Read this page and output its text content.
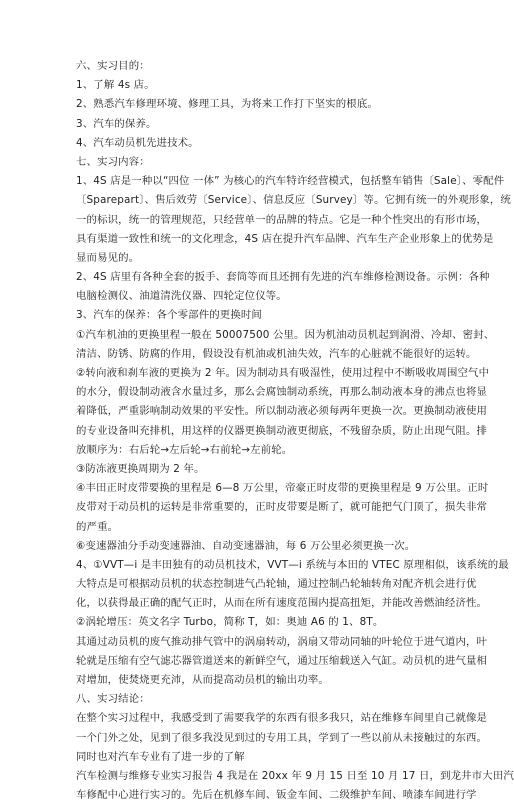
六、实习目的：
1、了解 4s 店。
2、熟悉汽车修理环境、修理工具，为将来工作打下坚实的根底。
3、汽车的保养。
4、汽车动员机先进技术。
七、实习内容：
1、4S 店是一种以“四位 一体” 为核心的汽车特许经营模式，包括整车销售〔Sale〕、零配件
〔Sparepart〕、售后效劳〔Service〕、信息反应〔Survey〕等。它拥有统一的外观形象，统
一的标识，统一的管理规范，只经营单一的品牌的特点。它是一种个性突出的有形市场，
具有渠道一致性和统一的文化理念，4S 店在提升汽车品牌、汽车生产企业形象上的优势是
显而易见的。
2、4S 店里有各种全套的扳手、套筒等而且还拥有先进的汽车维修检测设备。示例：各种
电脑检测仪、油道清洗仪器、四轮定位仪等。
3、汽车的保养：各个零部件的更换时间
①汽车机油的更换里程一般在 50007500 公里。因为机油动员机起到润滑、冷却、密封、
清洁、防锈、防腐的作用，假设没有机油或机油失效，汽车的心脏就不能很好的运转。
②转向液和刹车液的更换为 2 年。因为制动具有吸湿性，使用过程中不断吸收周围空气中
的水分，假设制动液含水量过多，那么会腐蚀制动系统，再那么制动液本身的沸点也将显
着降低，严重影响制动效果的平安性。所以制动液必须每两年更换一次。更换制动液使用
的专业设备叫充排机，用这样的仪器更换制动液更彻底，不残留杂质，防止出现气阻。排
放顺序为：右后轮→左后轮→右前轮→左前轮。
③防冻液更换周期为 2 年。
④丰田正时皮带要换的里程是 6—8 万公里，帝豪正时皮带的更换里程是 9 万公里。正时
皮带对于动员机的运转是非常重要的，正时皮带要是断了，就可能把气门顶了，损失非常
的严重。
⑥变速器油分手动变速器油、自动变速器油，每 6 万公里必须更换一次。
4、①VVT—i 是丰田独有的动员机技术，VVT—i 系统与本田的 VTEC 原理相似，该系统的最
大特点是可根据动员机的状态控制进气凸轮轴，通过控制凸轮轴转角对配齐机会进行优
化，以获得最正确的配气正时，从而在所有速度范围内提高扭矩，并能改善燃油经济性。
②涡轮增压：英文名字 Turbo，简称 T，如：奥迪 A6 的 1、8T。
其通过动员机的废气推动排气管中的涡扇转动，涡扇又带动同轴的叶轮位于进气道内，叶
轮就是压缩有空气滤芯器管道送来的新鲜空气，通过压缩载送入气缸。动员机的进气量相
对增加，使焚烧更充沛，从而提高动员机的输出功率。
八、实习结论：
在整个实习过程中，我感受到了需要我学的东西有很多我只，站在维修车间里自己就像是
一个门外之处，见到了很多我没见到过的专用工具，学到了一些以前从未接触过的东西。
同时也对汽车专业有了进一步的了解
汽车检测与维修专业实习报告 4 我是在 20xx 年 9 月 15 日至 10 月 17 日，到龙井市大田汽
车修配中心进行实习的。先后在机修车间、钣金车间、二级维护车间、喷漆车间进行学
